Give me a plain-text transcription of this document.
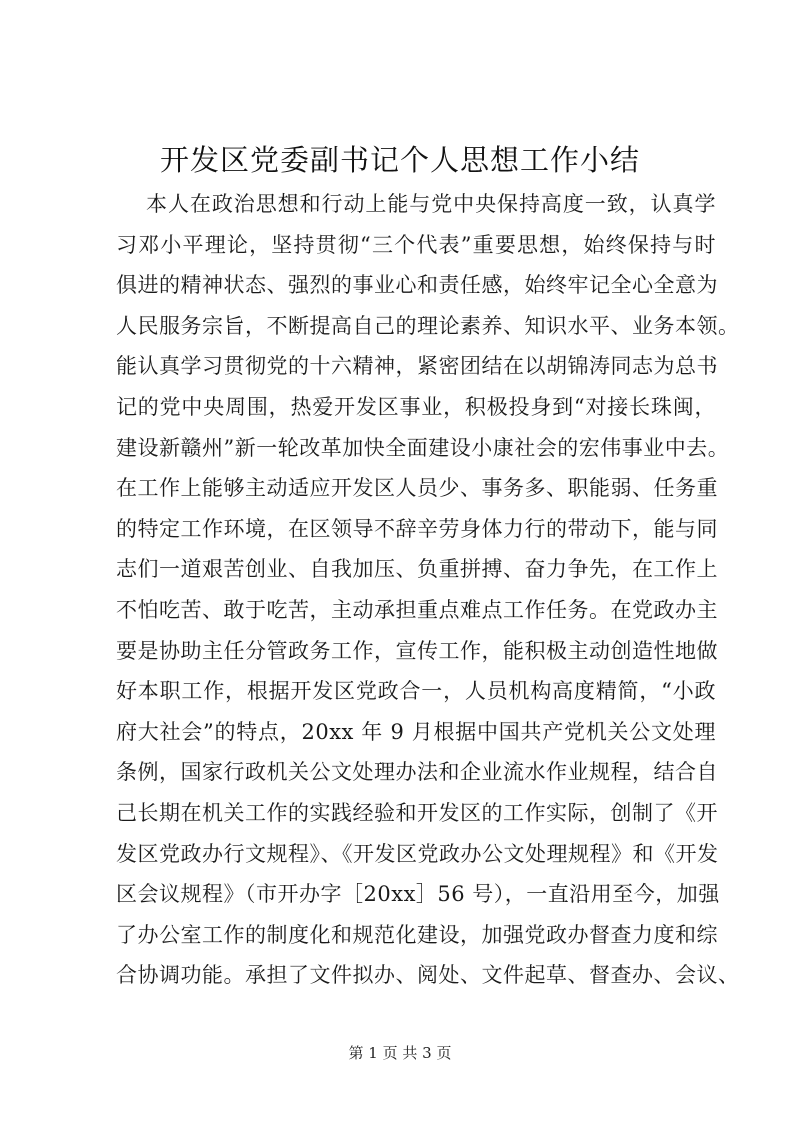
开发区党委副书记个人思想工作小结
本人在政治思想和行动上能与党中央保持高度一致，认真学
习邓小平理论，坚持贯彻“三个代表”重要思想，始终保持与时
俱进的精神状态、强烈的事业心和责任感，始终牢记全心全意为
人民服务宗旨，不断提高自己的理论素养、知识水平、业务本领。
能认真学习贯彻党的十六精神，紧密团结在以胡锦涛同志为总书
记的党中央周围，热爱开发区事业，积极投身到“对接长珠闽，
建设新赣州”新一轮改革加快全面建设小康社会的宏伟事业中去。
在工作上能够主动适应开发区人员少、事务多、职能弱、任务重
的特定工作环境，在区领导不辞辛劳身体力行的带动下，能与同
志们一道艰苦创业、自我加压、负重拼搏、奋力争先，在工作上
不怕吃苦、敢于吃苦，主动承担重点难点工作任务。在党政办主
要是协助主任分管政务工作，宣传工作，能积极主动创造性地做
好本职工作，根据开发区党政合一，人员机构高度精简，“小政
府大社会”的特点，20xx 年 9 月根据中国共产党机关公文处理
条例，国家行政机关公文处理办法和企业流水作业规程，结合自
己长期在机关工作的实践经验和开发区的工作实际，创制了《开
发区党政办行文规程》、《开发区党政办公文处理规程》和《开发
区会议规程》（市开办字［20xx］56 号），一直沿用至今，加强
了办公室工作的制度化和规范化建设，加强党政办督查力度和综
合协调功能。承担了文件拟办、阅处、文件起草、督查办、会议、
第 1 页 共 3 页
